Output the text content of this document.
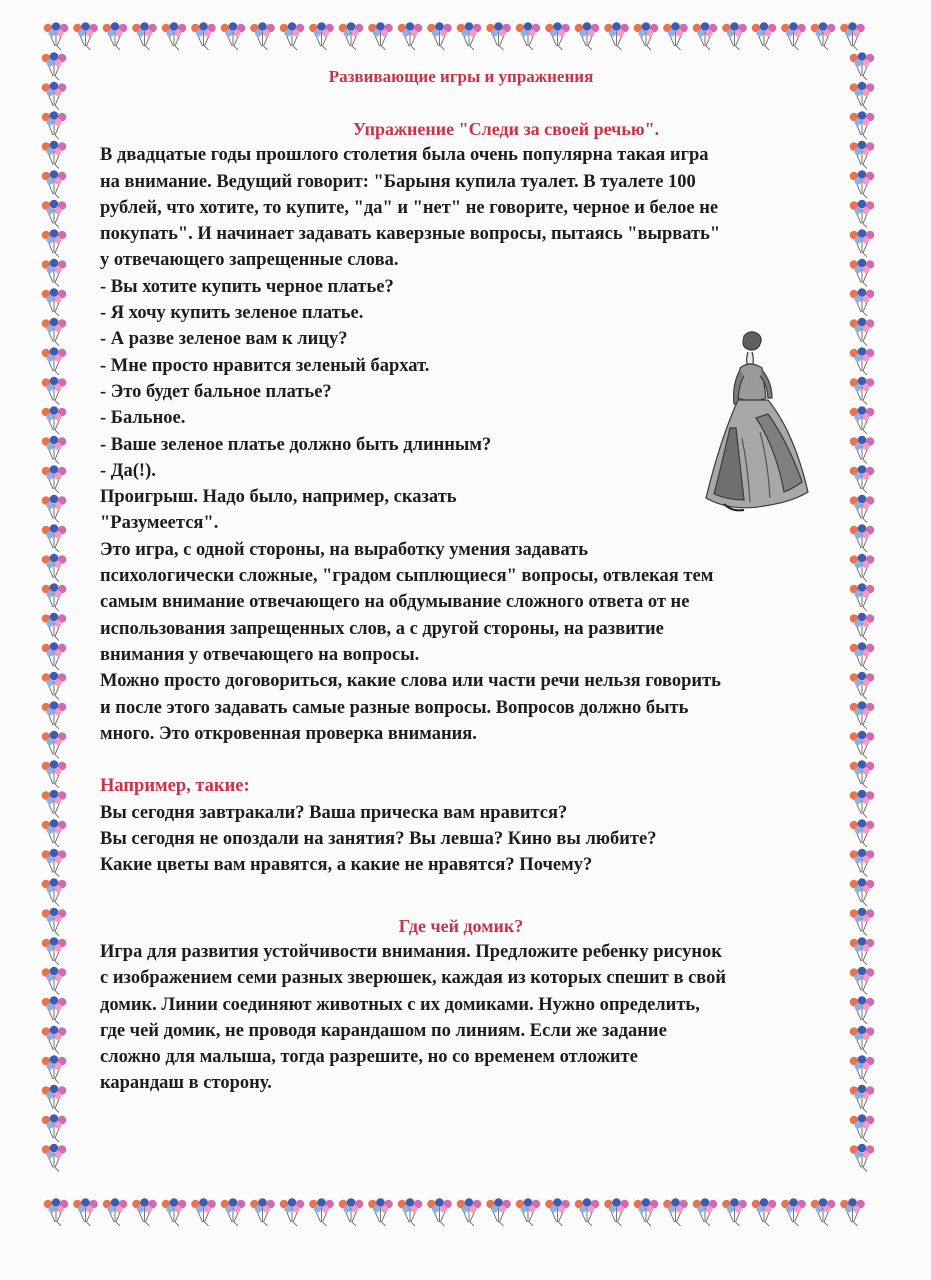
Развивающие игры и упражнения
Упражнение "Следи за своей речью".
В двадцатые годы прошлого столетия была очень популярна такая игра
на внимание. Ведущий говорит: "Барыня купила туалет. В туалете 100
рублей, что хотите, то купите, "да" и "нет" не говорите, черное и белое не
покупать". И начинает задавать каверзные вопросы, пытаясь "вырвать"
у отвечающего запрещенные слова.
- Вы хотите купить черное платье?
- Я хочу купить зеленое платье.
- А разве зеленое вам к лицу?
- Мне просто нравится зеленый бархат.
- Это будет бальное платье?
- Бальное.
- Ваше зеленое платье должно быть длинным?
- Да(!).
Проигрыш. Надо было, например, сказать
"Разумеется".
Это игра, с одной стороны, на выработку умения задавать
психологически сложные, "градом сыплющиеся" вопросы, отвлекая тем
самым внимание отвечающего на обдумывание сложного ответа от не
использования запрещенных слов, а с другой стороны, на развитие
внимания у отвечающего на вопросы.
Можно просто договориться, какие слова или части речи нельзя говорить
и после этого задавать самые разные вопросы. Вопросов должно быть
много. Это откровенная проверка внимания.
Например, такие:
Вы сегодня завтракали? Ваша прическа вам нравится?
Вы сегодня не опоздали на занятия? Вы левша? Кино вы любите?
Какие цветы вам нравятся, а какие не нравятся? Почему?
Где чей домик?
Игра для развития устойчивости внимания. Предложите ребенку рисунок
с изображением семи разных зверюшек, каждая из которых спешит в свой
домик. Линии соединяют животных с их домиками. Нужно определить,
где чей домик, не проводя карандашом по линиям. Если же задание
сложно для малыша, тогда разрешите, но со временем отложите
карандаш в сторону.
